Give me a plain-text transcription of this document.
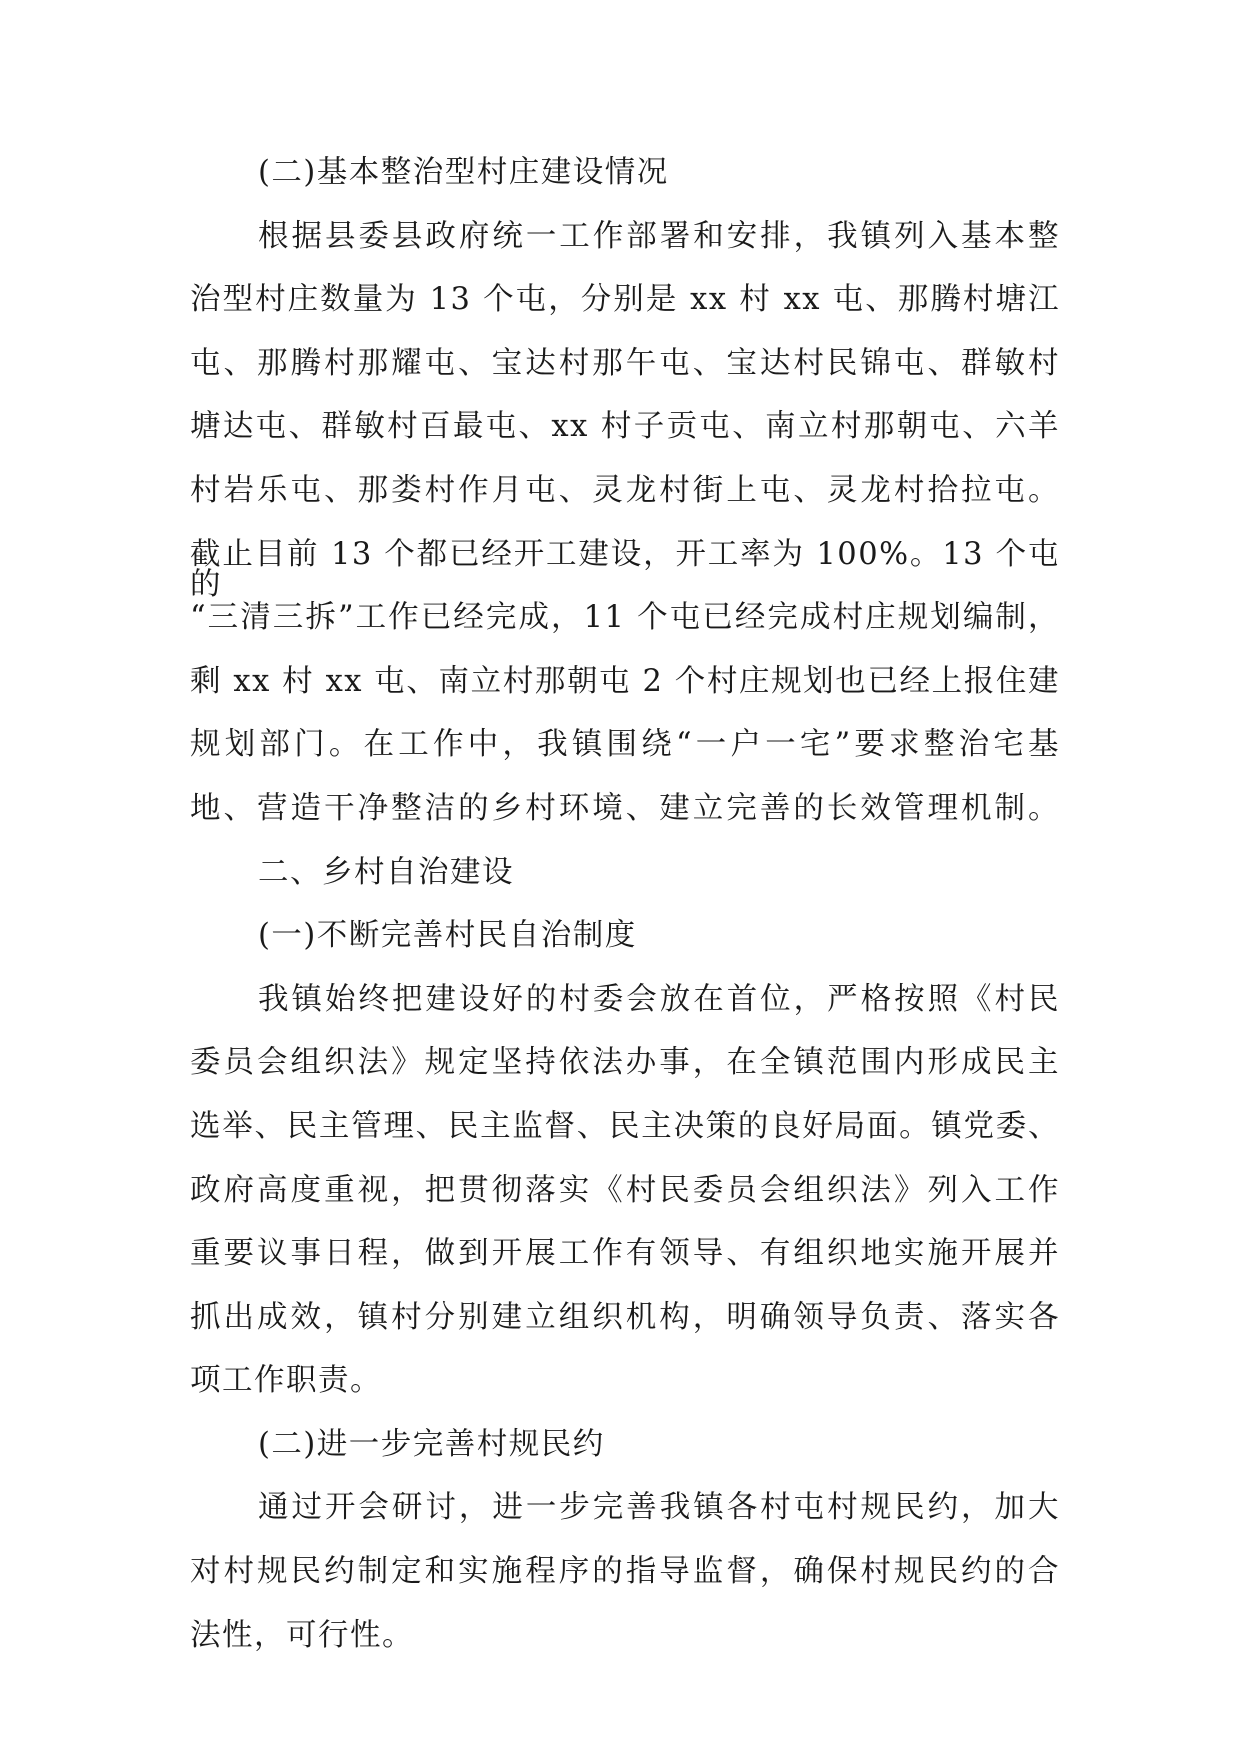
(二)基本整治型村庄建设情况
根据县委县政府统一工作部署和安排，我镇列入基本整
治型村庄数量为 13 个屯，分别是 xx 村 xx 屯、那腾村塘江
屯、那腾村那耀屯、宝达村那午屯、宝达村民锦屯、群敏村
塘达屯、群敏村百最屯、xx 村子贡屯、南立村那朝屯、六羊
村岩乐屯、那娄村作月屯、灵龙村街上屯、灵龙村拾拉屯。
截止目前 13 个都已经开工建设，开工率为 100%。13 个屯的
“三清三拆”工作已经完成，11 个屯已经完成村庄规划编制，
剩 xx 村 xx 屯、南立村那朝屯 2 个村庄规划也已经上报住建
规划部门。在工作中，我镇围绕“一户一宅”要求整治宅基
地、营造干净整洁的乡村环境、建立完善的长效管理机制。
二、乡村自治建设
(一)不断完善村民自治制度
我镇始终把建设好的村委会放在首位，严格按照《村民
委员会组织法》规定坚持依法办事，在全镇范围内形成民主
选举、民主管理、民主监督、民主决策的良好局面。镇党委、
政府高度重视，把贯彻落实《村民委员会组织法》列入工作
重要议事日程，做到开展工作有领导、有组织地实施开展并
抓出成效，镇村分别建立组织机构，明确领导负责、落实各
项工作职责。
(二)进一步完善村规民约
通过开会研讨，进一步完善我镇各村屯村规民约，加大
对村规民约制定和实施程序的指导监督，确保村规民约的合
法性，可行性。
